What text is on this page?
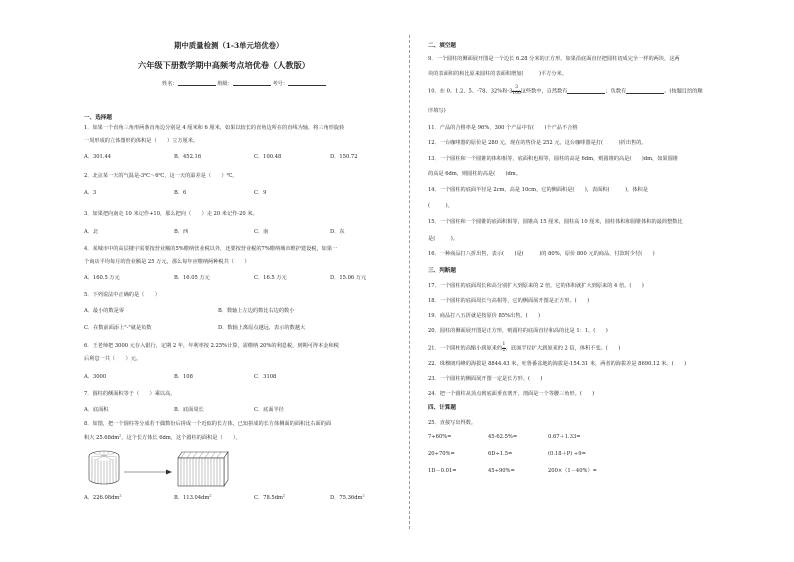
期中质量检测（1-3单元培优卷）
六年级下册数学期中高频考点培优卷（人教版）
姓名：	班级：	考号：
一、选择题
1．如果一个直角三角形两条直角边分别是 4 厘米和 6 厘米，如果以较长的直角边所在的直线为轴，将三角形旋转
一周形成的立体图形的体积是（　　）立方厘米。
A．301.44	B．452.16	C．100.48	D．150.72
2．北京某一天的气温是-3℃～6℃，这一天的温差是（　　）℃。
A．3	B．6	C．9
3．如果把向南走 10 米记作+10，那么把向（　　）走 20 米记作-20 米。
A．北	B．西	C．南	D．东
4．某城市中的高层楼宇需要按营业额的5%缴纳营业税以外，还要按营业税的7%缴纳城市维护建设税，如果一
个商店平均每月的营业额是 25 万元，那么每年应缴纳两种税共（　　）
A．160.5 万元	B．16.05 万元	C．16.5 万元	D．15.06 万元
5．下列说法中正确的是（　　）
A．最小的数是零	B．数轴上左边的数比右边的数小
C．在数前面添上"-"就是负数	D．数轴上离原点越远，表示的数越大
6．王老师把 3000 元存入银行，定期 2 年，年利率按 2.25%计算，需缴纳 20%的利息税，到期可得本金和税
后利息一共（　　）元。
A．3000	B．108	C．3108
7．圆柱的侧面积等于（　　）乘以高。
A．底面积	B．底面周长	C．底面半径
8．如图，把一个圆柱等分成若干偶数份后拼成一个近似的长方体，已知拼成的长方体侧面的面积比右面的面
积大 $25.68dm^2$，这个长方体长 6dm，这个圆柱的面积是（　　）。
A．$226.08dm^2$	B．$113.04dm^2$	C．$78.5dm^2$	D．$75.36dm^2$
二、填空题
9．一个圆柱的侧面展开图是一个边长 6.28 分米的正方形。如果沿底面直径把圆柱切成完全一样的两块，这两
块的表面积的和比原来圆柱的表面积增加(　　　)平方分米。
10．在 0、1.2、5、-78、32%和$-3 \frac{3}{100}$ 这些数中，自然数有	；负数有	。(按题目给的顺
序填写)
11．产品的合格率是 96%，300 个产品中有(　　)个产品不合格
12．一台咖啡器的原价是 280 元，现在的售价是 252 元，这台咖啡器是打(　　　)折出售的。
13．一个圆柱和一个圆锥的体积相等，底面积也相等，圆柱的高是 6dm，则圆锥的高是(　　)dm，如果圆锥
的高是 6dm，则圆柱的高是(　　)dm。
14．一个圆柱的底面半径是 2cm，高是 10cm，它的侧面积是(　　)，表面积(　　　)，体积是
(　　　)。
15．一个圆柱和一个圆锥的底面积相等，圆锥高 15 厘米，圆柱高 10 厘米，圆柱体积和圆锥体积的最简整数比
是(　　　)。
16．一种商品打八折出售，表示(　　)是(　　　)的 80%，原价 800 元的商品，付款时少付(　　)
三、判断题
17．一个圆柱的底面周长和高分别扩大到原来的 2 倍，它的体积就扩大到原来的 4 倍。(　　)
18．一个圆柱的底面周长与高相等，它的侧面展开图是正方形。(　　)
19．商品打八五折就是按原价 85%出售。(　　)
20．圆柱的侧面展开图是正方形，则圆柱的底面直径和高的比是 1：1。(　　)
21．一个圆柱的高缩小到原来的 $\frac{1}{2}$ ，底面半径扩大到原来的 2 倍，体积不变。(　　)
22．珠穆朗玛峰的海拔是 8844.43 米，吐鲁番盆地的海拔是-154.31 米，两者的海拔差是 8690.12 米。(　　)
23．一个圆柱的侧面展开图一定是长方形。(　　)
24．把一个圆柱从顶点到底面垂直剖开，剖面是一个等腰三角形。(　　)
四、计算题
25．直接写出得数。
7÷60%=	45-62.5%=	0.67＋1.33=
20÷70%=	6D÷1.5=	(0.18＋P) ÷9=
1D－0.01=	45÷90%=	200×（1－40%）=
